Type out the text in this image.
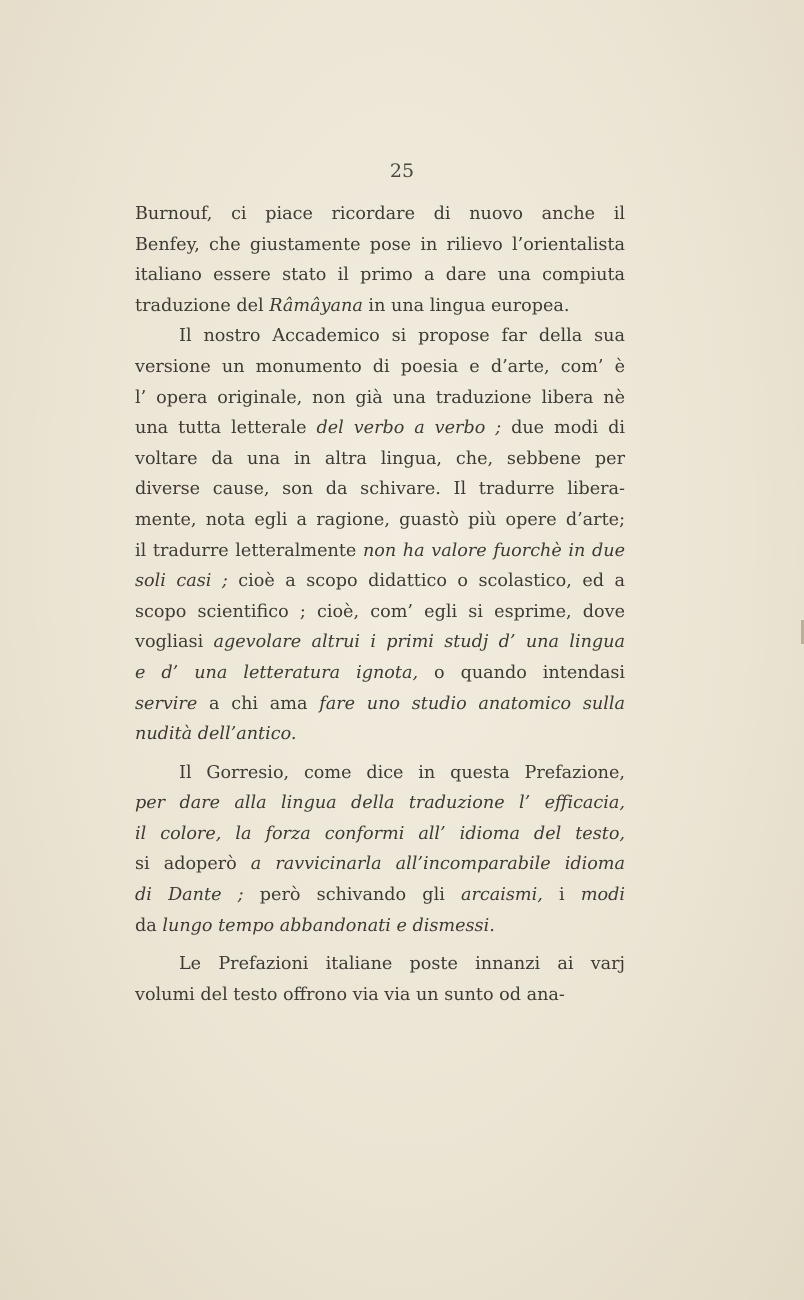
25
Burnouf, ci piace ricordare di nuovo anche il
Benfey, che giustamente pose in rilievo l’orientalista
italiano essere stato il primo a dare una compiuta
traduzione del Râmâyana in una lingua europea.
Il nostro Accademico si propose far della sua
versione un monumento di poesia e d’arte, com’ è
l’ opera originale, non già una traduzione libera nè
una tutta letterale del verbo a verbo ; due modi di
voltare da una in altra lingua, che, sebbene per
diverse cause, son da schivare. Il tradurre libera-
mente, nota egli a ragione, guastò più opere d’arte;
il tradurre letteralmente non ha valore fuorchè in due
soli casi ; cioè a scopo didattico o scolastico, ed a
scopo scientifico ; cioè, com’ egli si esprime, dove
vogliasi agevolare altrui i primi studj d’ una lingua
e d’ una letteratura ignota, o quando intendasi
servire a chi ama fare uno studio anatomico sulla
nudità dell’antico.
Il Gorresio, come dice in questa Prefazione,
per dare alla lingua della traduzione l’ efficacia,
il colore, la forza conformi all’ idioma del testo,
si adoperò a ravvicinarla all’incomparabile idioma
di Dante ; però schivando gli arcaismi, i modi
da lungo tempo abbandonati e dismessi.
Le Prefazioni italiane poste innanzi ai varj
volumi del testo offrono via via un sunto od ana-
